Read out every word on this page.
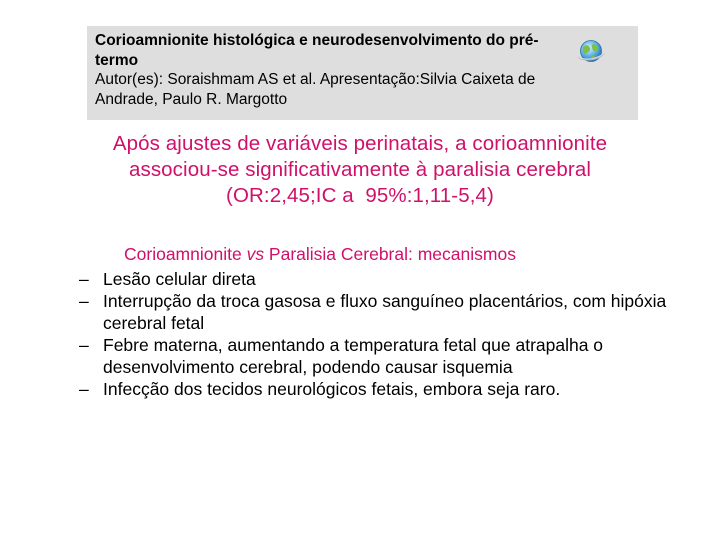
Corioamnionite histológica e neurodesenvolvimento do pré-termo
Autor(es): Soraishmam AS et al. Apresentação:Silvia Caixeta de Andrade, Paulo R. Margotto
Após ajustes de variáveis perinatais, a corioamnionite
associou-se significativamente à paralisia cerebral
(OR:2,45;IC a  95%:1,11-5,4)
Corioamnionite vs Paralisia Cerebral: mecanismos
– Lesão celular direta
– Interrupção da troca gasosa e fluxo sanguíneo placentários, com hipóxia cerebral fetal
– Febre materna, aumentando a temperatura fetal que atrapalha o desenvolvimento cerebral, podendo causar isquemia
– Infecção dos tecidos neurológicos fetais, embora seja raro.
